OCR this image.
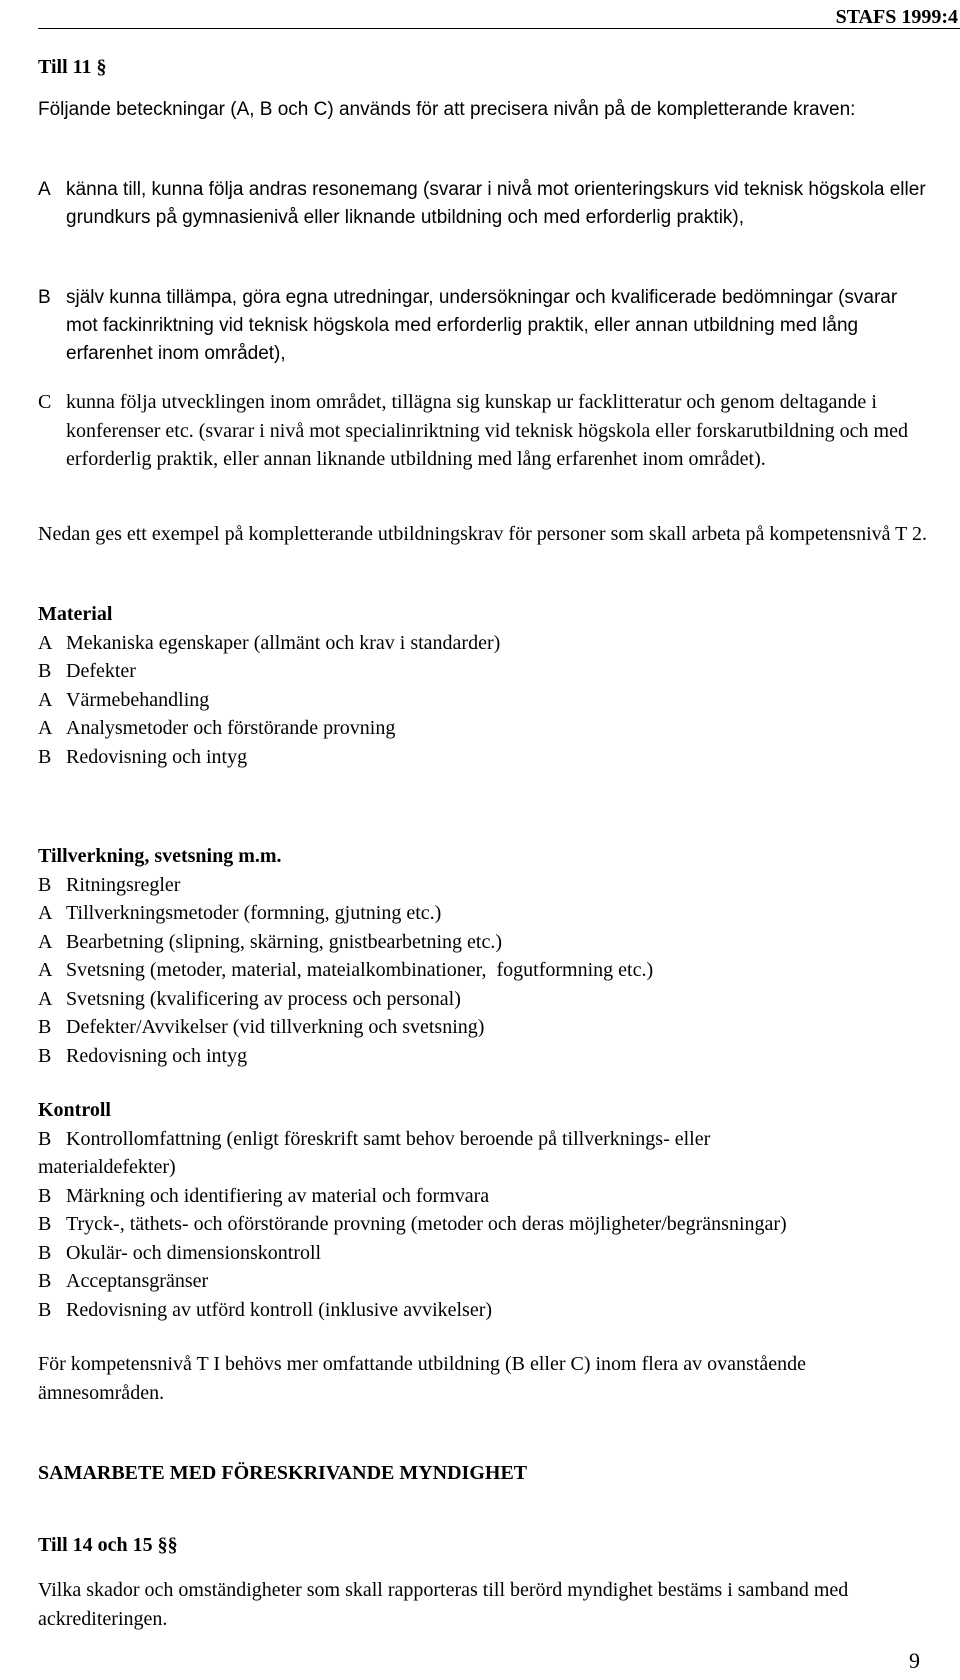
STAFS 1999:4
Till 11 §

Följande beteckningar (A, B och C) används för att precisera nivån på de kompletterande kraven:

A känna till, kunna följa andras resonemang (svarar i nivå mot orienteringskurs vid teknisk högskola eller grundkurs på gymnasienivå eller liknande utbildning och med erforderlig praktik),
B själv kunna tillämpa, göra egna utredningar, undersökningar och kvalificerade bedömningar (svarar mot fackinriktning vid teknisk högskola med erforderlig praktik, eller annan utbildning med lång erfarenhet inom området),
C kunna följa utvecklingen inom området, tillägna sig kunskap ur facklitteratur och genom deltagande i konferenser etc. (svarar i nivå mot specialinriktning vid teknisk högskola eller forskarutbildning och med erforderlig praktik, eller annan liknande utbildning med lång erfarenhet inom området).

Nedan ges ett exempel på kompletterande utbildningskrav för personer som skall arbeta på kompetensnivå T 2.

Material
A Mekaniska egenskaper (allmänt och krav i standarder)
B Defekter
A Värmebehandling
A Analysmetoder och förstörande provning
B Redovisning och intyg
Tillverkning, svetsning m.m.
B Ritningsregler
A Tillverkningsmetoder (formning, gjutning etc.)
A Bearbetning (slipning, skärning, gnistbearbetning etc.)
A Svetsning (metoder, material, mateialkombinationer,  fogutformning etc.)
A Svetsning (kvalificering av process och personal)
B Defekter/Avvikelser (vid tillverkning och svetsning)
B Redovisning och intyg
Kontroll
B Kontrollomfattning (enligt föreskrift samt behov beroende på tillverknings- eller
materialdefekter)
B Märkning och identifiering av material och formvara
B Tryck-, täthets- och oförstörande provning (metoder och deras möjligheter/begränsningar)
B Okulär- och dimensionskontroll
B Acceptansgränser
B Redovisning av utförd kontroll (inklusive avvikelser)

För kompetensnivå T I behövs mer omfattande utbildning (B eller C) inom flera av ovanstående ämnesområden.

SAMARBETE MED FÖRESKRIVANDE MYNDIGHET
Till 14 och 15 §§

Vilka skador och omständigheter som skall rapporteras till berörd myndighet bestäms i samband med ackrediteringen.

9
